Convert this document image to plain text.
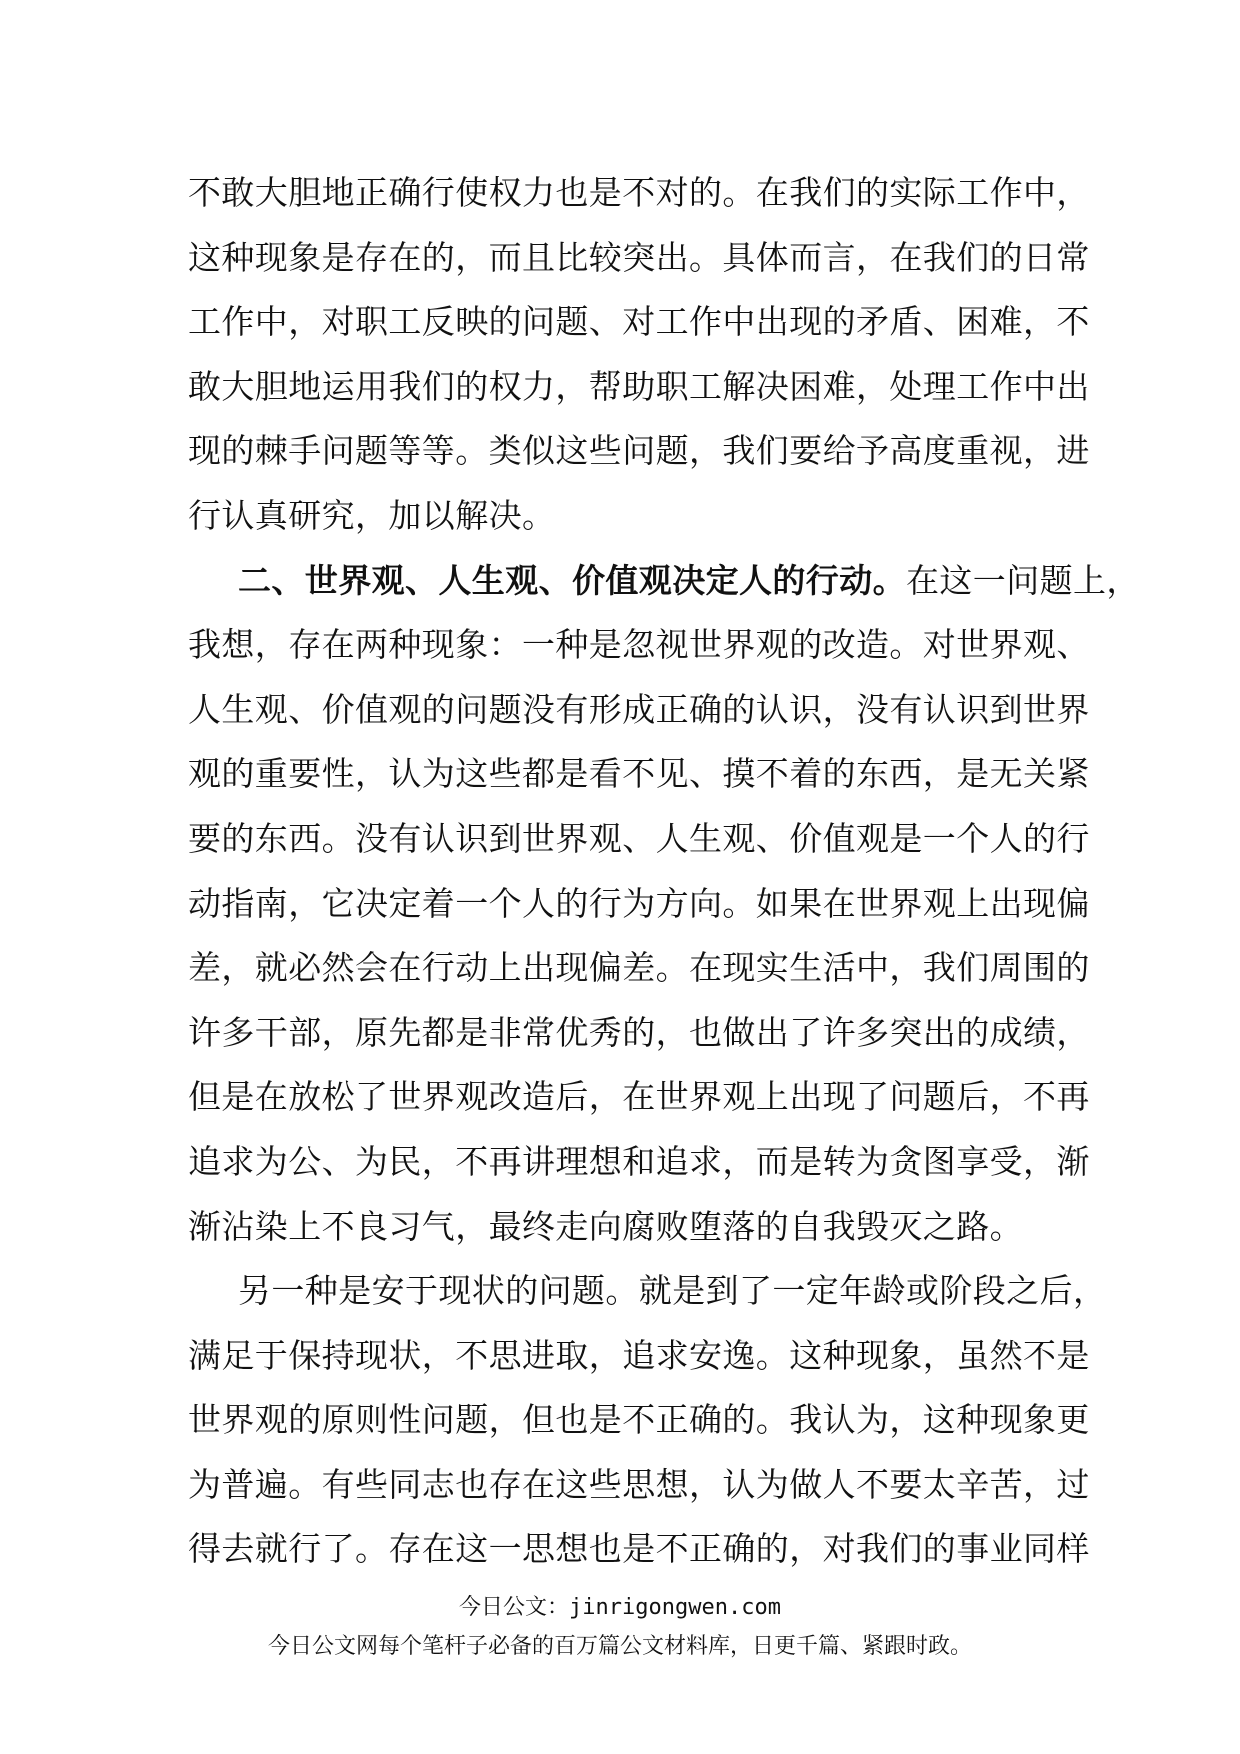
不敢大胆地正确行使权力也是不对的。在我们的实际工作中，
这种现象是存在的，而且比较突出。具体而言，在我们的日常
工作中，对职工反映的问题、对工作中出现的矛盾、困难，不
敢大胆地运用我们的权力，帮助职工解决困难，处理工作中出
现的棘手问题等等。类似这些问题，我们要给予高度重视，进
行认真研究，加以解决。
二、世界观、人生观、价值观决定人的行动。在这一问题上，
我想，存在两种现象：一种是忽视世界观的改造。对世界观、
人生观、价值观的问题没有形成正确的认识，没有认识到世界
观的重要性，认为这些都是看不见、摸不着的东西，是无关紧
要的东西。没有认识到世界观、人生观、价值观是一个人的行
动指南，它决定着一个人的行为方向。如果在世界观上出现偏
差，就必然会在行动上出现偏差。在现实生活中，我们周围的
许多干部，原先都是非常优秀的，也做出了许多突出的成绩，
但是在放松了世界观改造后，在世界观上出现了问题后，不再
追求为公、为民，不再讲理想和追求，而是转为贪图享受，渐
渐沾染上不良习气，最终走向腐败堕落的自我毁灭之路。
另一种是安于现状的问题。就是到了一定年龄或阶段之后，
满足于保持现状，不思进取，追求安逸。这种现象，虽然不是
世界观的原则性问题，但也是不正确的。我认为，这种现象更
为普遍。有些同志也存在这些思想，认为做人不要太辛苦，过
得去就行了。存在这一思想也是不正确的，对我们的事业同样
今日公文：jinrigongwen.com
今日公文网每个笔杆子必备的百万篇公文材料库，日更千篇、紧跟时政。
